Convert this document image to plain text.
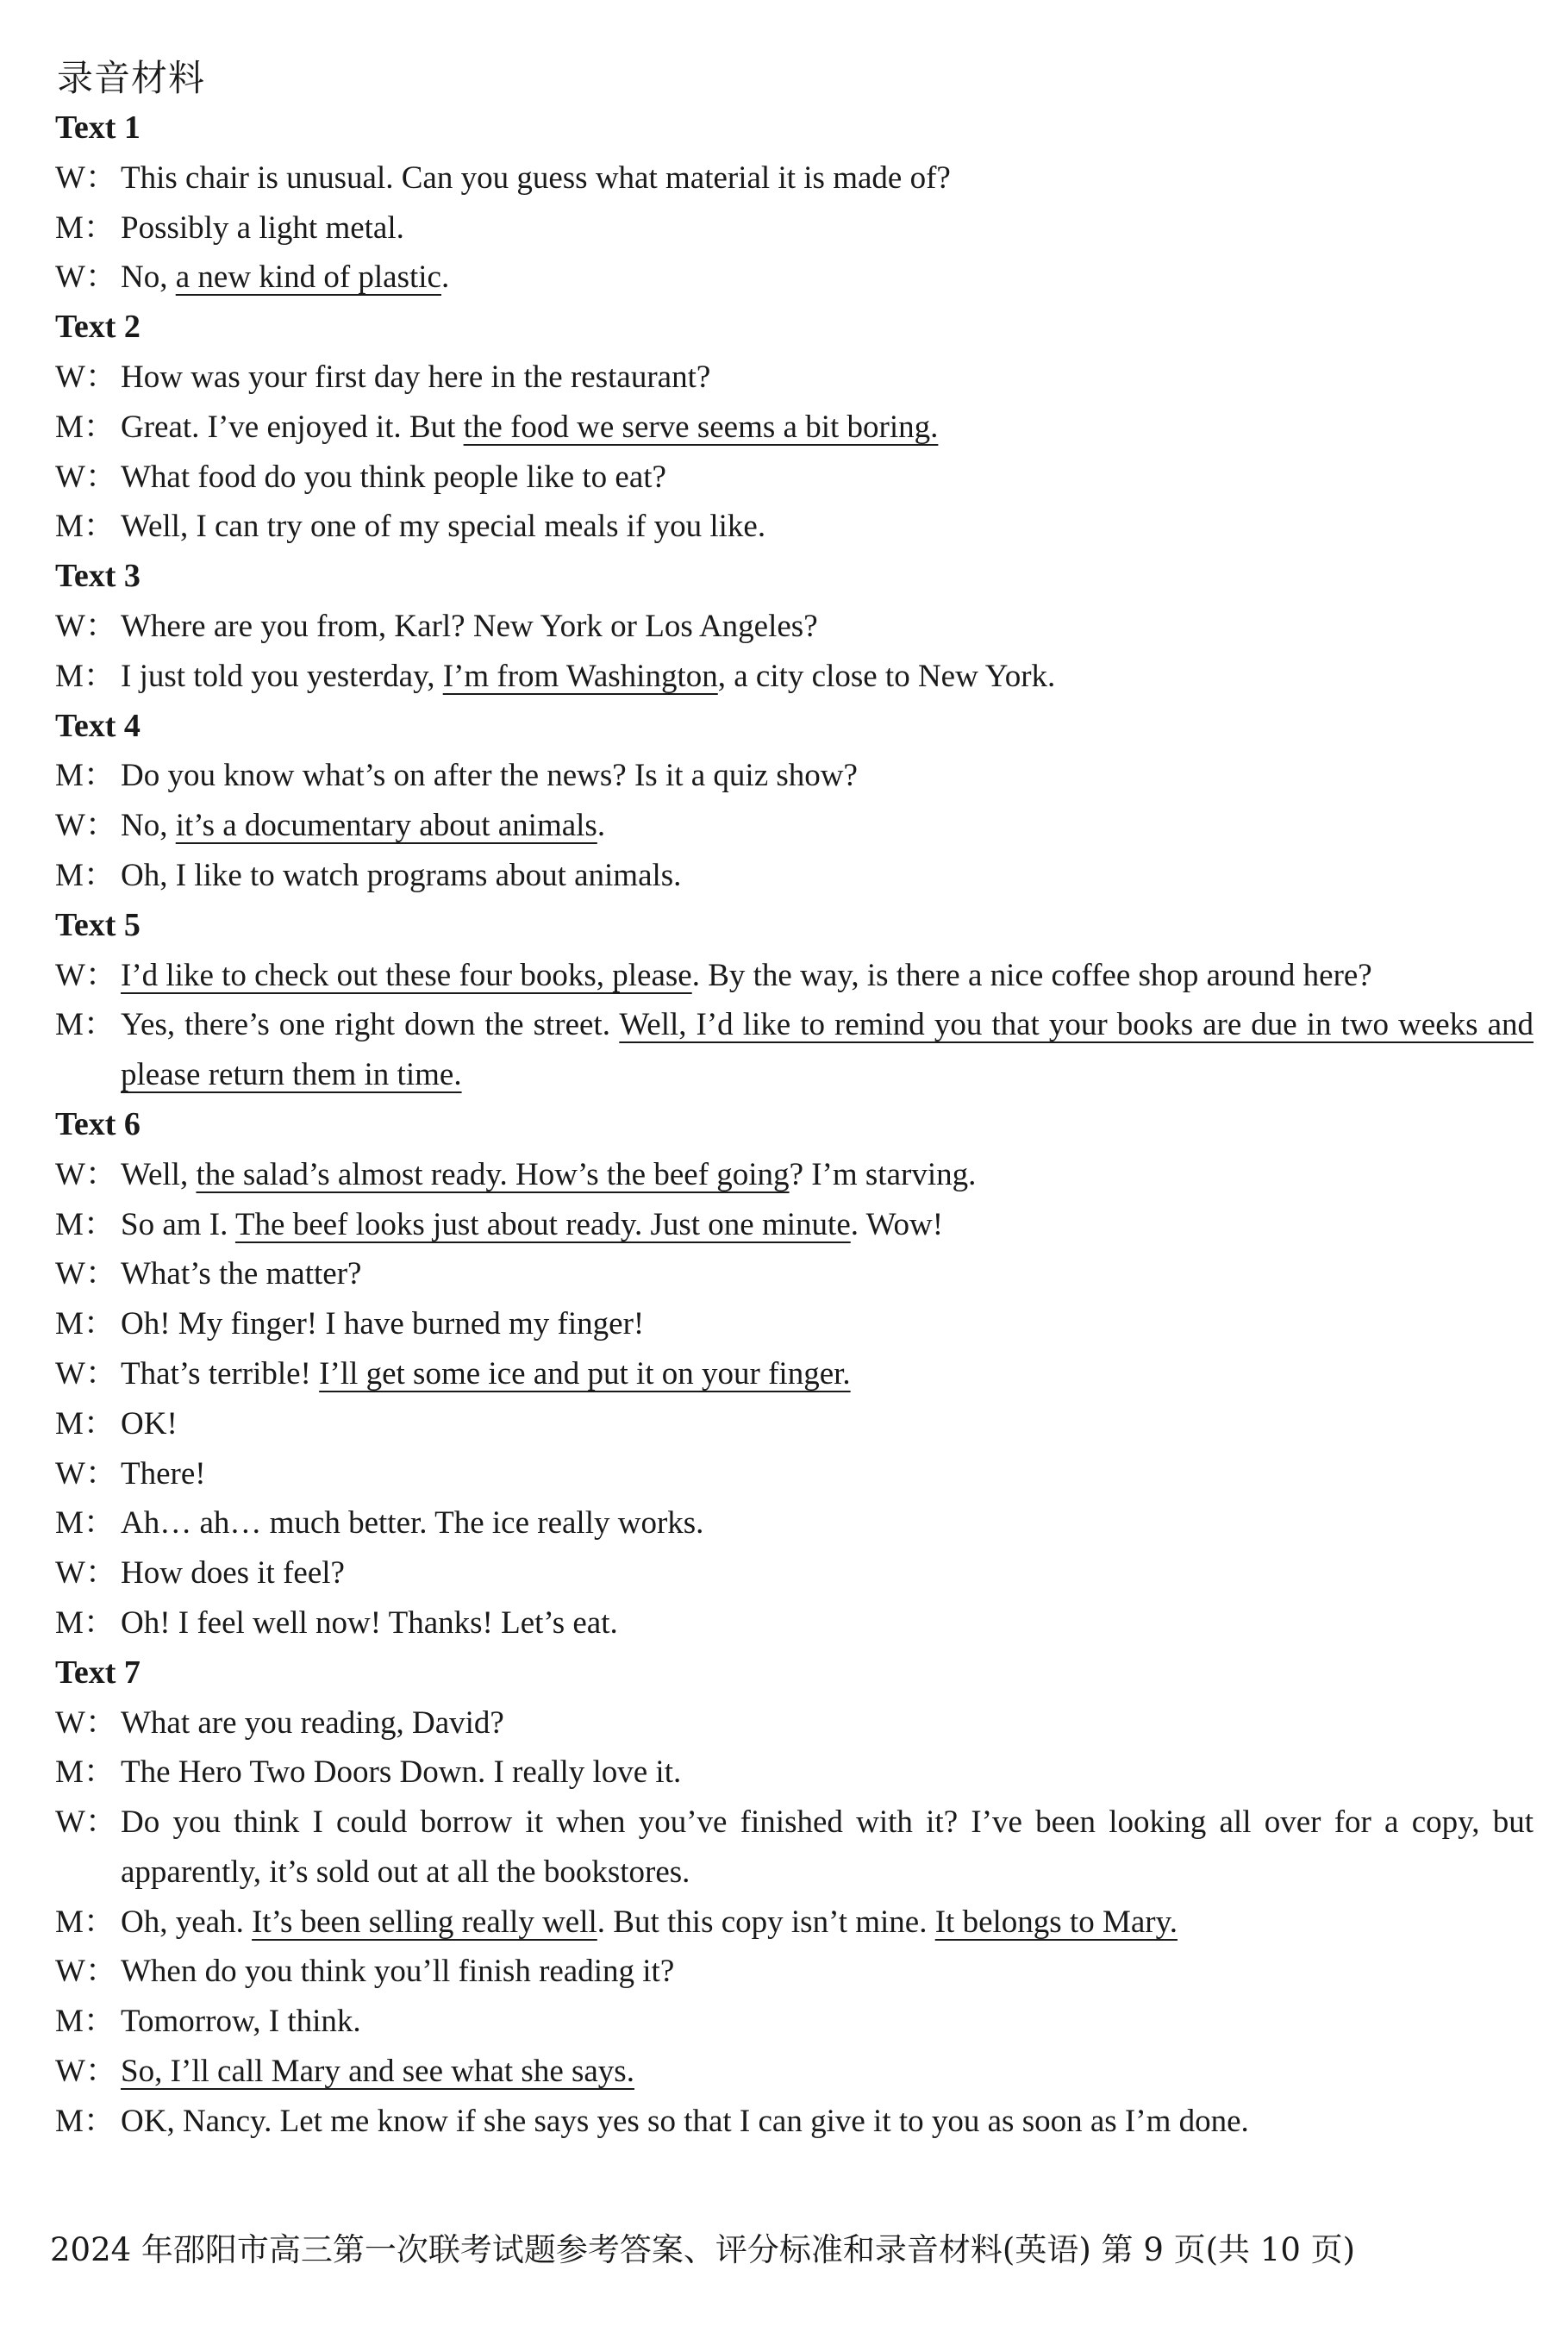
录音材料
Text 1
W： This chair is unusual. Can you guess what material it is made of?
M： Possibly a light metal.
W： No, a new kind of plastic.
Text 2
W： How was your first day here in the restaurant?
M： Great. I’ve enjoyed it. But the food we serve seems a bit boring.
W： What food do you think people like to eat?
M： Well, I can try one of my special meals if you like.
Text 3
W： Where are you from, Karl? New York or Los Angeles?
M： I just told you yesterday, I’m from Washington, a city close to New York.
Text 4
M： Do you know what’s on after the news? Is it a quiz show?
W： No, it’s a documentary about animals.
M： Oh, I like to watch programs about animals.
Text 5
W： I’d like to check out these four books, please. By the way, is there a nice coffee shop around here?
M： Yes, there’s one right down the street. Well, I’d like to remind you that your books are due in two weeks and please return them in time.
Text 6
W： Well, the salad’s almost ready. How’s the beef going? I’m starving.
M： So am I. The beef looks just about ready. Just one minute. Wow!
W： What’s the matter?
M： Oh! My finger! I have burned my finger!
W： That’s terrible! I’ll get some ice and put it on your finger.
M： OK!
W： There!
M： Ah… ah… much better. The ice really works.
W： How does it feel?
M： Oh! I feel well now! Thanks! Let’s eat.
Text 7
W： What are you reading, David?
M： The Hero Two Doors Down. I really love it.
W： Do you think I could borrow it when you’ve finished with it? I’ve been looking all over for a copy, but apparently, it’s sold out at all the bookstores.
M： Oh, yeah. It’s been selling really well. But this copy isn’t mine. It belongs to Mary.
W： When do you think you’ll finish reading it?
M： Tomorrow, I think.
W： So, I’ll call Mary and see what she says.
M： OK, Nancy. Let me know if she says yes so that I can give it to you as soon as I’m done.
2024 年邵阳市高三第一次联考试题参考答案、评分标准和录音材料(英语) 第 9 页(共 10 页)
